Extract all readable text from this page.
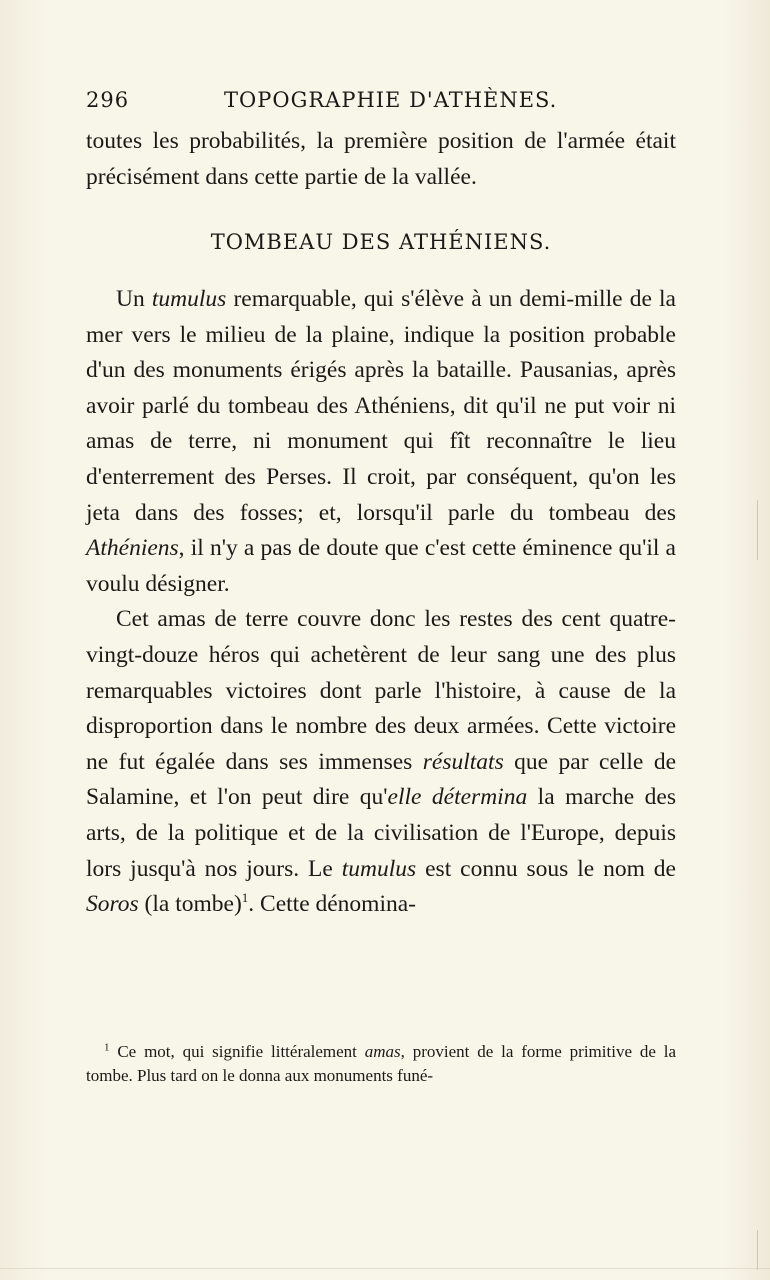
296	TOPOGRAPHIE D'ATHÈNES.

toutes les probabilités, la première position de l'armée était précisément dans cette partie de la vallée.

TOMBEAU DES ATHÉNIENS.

Un tumulus remarquable, qui s'élève à un demi-mille de la mer vers le milieu de la plaine, indique la position probable d'un des monuments érigés après la bataille. Pausanias, après avoir parlé du tombeau des Athéniens, dit qu'il ne put voir ni amas de terre, ni monument qui fît reconnaître le lieu d'enterrement des Perses. Il croit, par conséquent, qu'on les jeta dans des fosses; et, lorsqu'il parle du tombeau des Athéniens, il n'y a pas de doute que c'est cette éminence qu'il a voulu désigner.

Cet amas de terre couvre donc les restes des cent quatre-vingt-douze héros qui achetèrent de leur sang une des plus remarquables victoires dont parle l'histoire, à cause de la disproportion dans le nombre des deux armées. Cette victoire ne fut égalée dans ses immenses résultats que par celle de Salamine, et l'on peut dire qu'elle détermina la marche des arts, de la politique et de la civilisation de l'Europe, depuis lors jusqu'à nos jours. Le tumulus est connu sous le nom de Soros (la tombe)$^1$. Cette dénomina-

$^1$ Ce mot, qui signifie littéralement amas, provient de la forme primitive de la tombe. Plus tard on le donna aux monuments funé-
